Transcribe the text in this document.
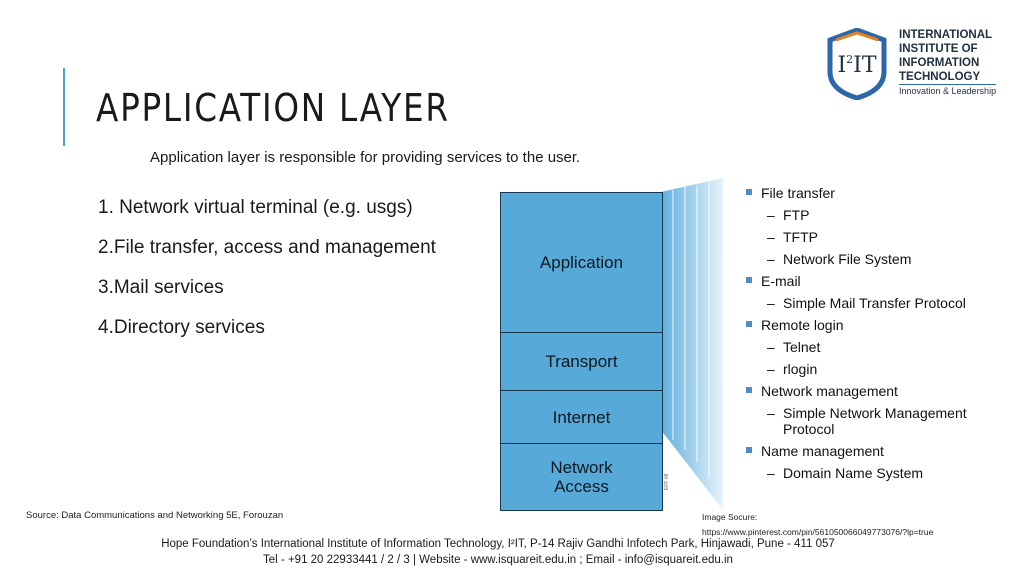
APPLICATION LAYER
Application layer is responsible for providing services to the user.
1. Network virtual terminal (e.g. usgs)
2.File transfer, access and management
3.Mail services
4.Directory services
$I^2IT$
INTERNATIONAL
INSTITUTE OF
INFORMATION
TECHNOLOGY
Innovation & Leadership
Application
Transport
Internet
Network
Access	EFF #8
File transfer
– FTP
– TFTP
– Network File System
E-mail
– Simple Mail Transfer Protocol
Remote login
– Telnet
– rlogin
Network management
– Simple Network Management
Protocol
Name management
– Domain Name System
Source: Data Communications and Networking 5E, Forouzan	Image Socure:
https://www.pinterest.com/pin/561050066049773076/?lp=true
Hope Foundation’s International Institute of Information Technology, I²IT, P-14 Rajiv Gandhi Infotech Park, Hinjawadi, Pune - 411 057
Tel - +91 20 22933441 / 2 / 3 | Website - www.isquareit.edu.in ; Email - info@isquareit.edu.in
